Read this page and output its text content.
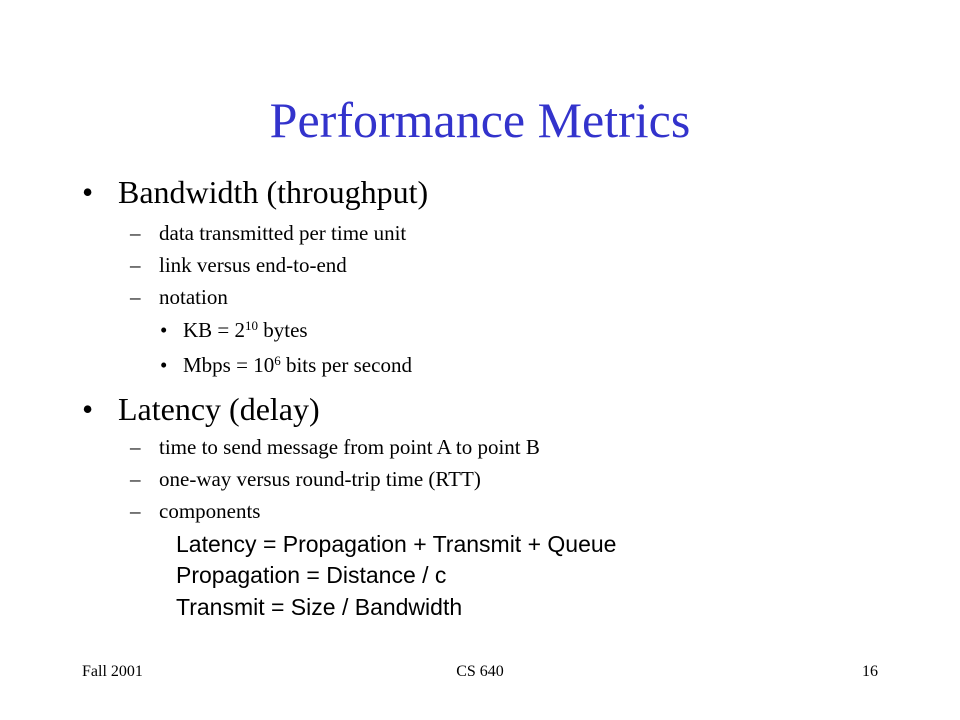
Performance Metrics
• Bandwidth (throughput)
– data transmitted per time unit
– link versus end-to-end
– notation
• KB = $2^{10}$ bytes
• Mbps = $10^6$ bits per second
• Latency (delay)
– time to send message from point A to point B
– one-way versus round-trip time (RTT)
– components
Latency = Propagation + Transmit + Queue
Propagation = Distance / c
Transmit = Size / Bandwidth
Fall 2001	CS 640	16
